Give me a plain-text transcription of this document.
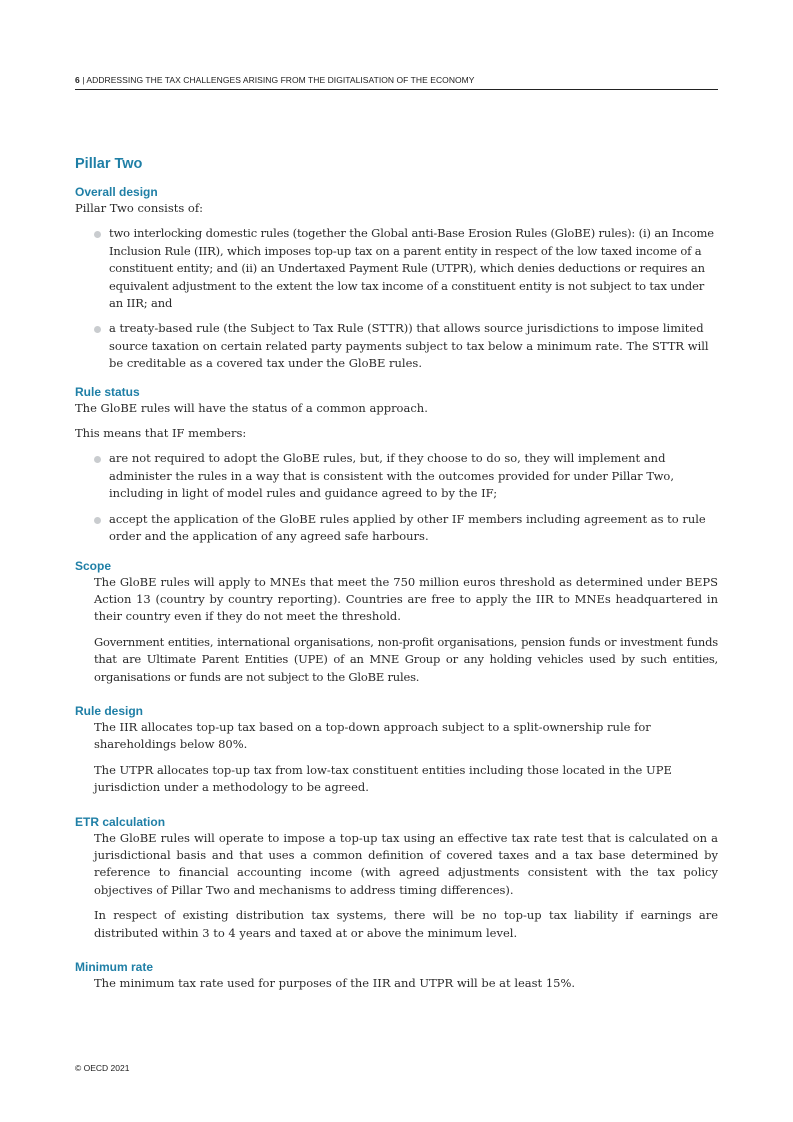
6 | ADDRESSING THE TAX CHALLENGES ARISING FROM THE DIGITALISATION OF THE ECONOMY
Pillar Two
Overall design

Pillar Two consists of:

two interlocking domestic rules (together the Global anti-Base Erosion Rules (GloBE) rules): (i) an Income Inclusion Rule (IIR), which imposes top-up tax on a parent entity in respect of the low taxed income of a constituent entity; and (ii) an Undertaxed Payment Rule (UTPR), which denies deductions or requires an equivalent adjustment to the extent the low tax income of a constituent entity is not subject to tax under an IIR; and
a treaty-based rule (the Subject to Tax Rule (STTR)) that allows source jurisdictions to impose limited source taxation on certain related party payments subject to tax below a minimum rate. The STTR will be creditable as a covered tax under the GloBE rules.
Rule status

The GloBE rules will have the status of a common approach.

This means that IF members:

are not required to adopt the GloBE rules, but, if they choose to do so, they will implement and administer the rules in a way that is consistent with the outcomes provided for under Pillar Two, including in light of model rules and guidance agreed to by the IF;
accept the application of the GloBE rules applied by other IF members including agreement as to rule order and the application of any agreed safe harbours.
Scope

The GloBE rules will apply to MNEs that meet the 750 million euros threshold as determined under BEPS Action 13 (country by country reporting). Countries are free to apply the IIR to MNEs headquartered in their country even if they do not meet the threshold.

Government entities, international organisations, non-profit organisations, pension funds or investment funds that are Ultimate Parent Entities (UPE) of an MNE Group or any holding vehicles used by such entities, organisations or funds are not subject to the GloBE rules.

Rule design

The IIR allocates top-up tax based on a top-down approach subject to a split-ownership rule for shareholdings below 80%.

The UTPR allocates top-up tax from low-tax constituent entities including those located in the UPE jurisdiction under a methodology to be agreed.

ETR calculation

The GloBE rules will operate to impose a top-up tax using an effective tax rate test that is calculated on a jurisdictional basis and that uses a common definition of covered taxes and a tax base determined by reference to financial accounting income (with agreed adjustments consistent with the tax policy objectives of Pillar Two and mechanisms to address timing differences).

In respect of existing distribution tax systems, there will be no top-up tax liability if earnings are distributed within 3 to 4 years and taxed at or above the minimum level.

Minimum rate

The minimum tax rate used for purposes of the IIR and UTPR will be at least 15%.

© OECD 2021
